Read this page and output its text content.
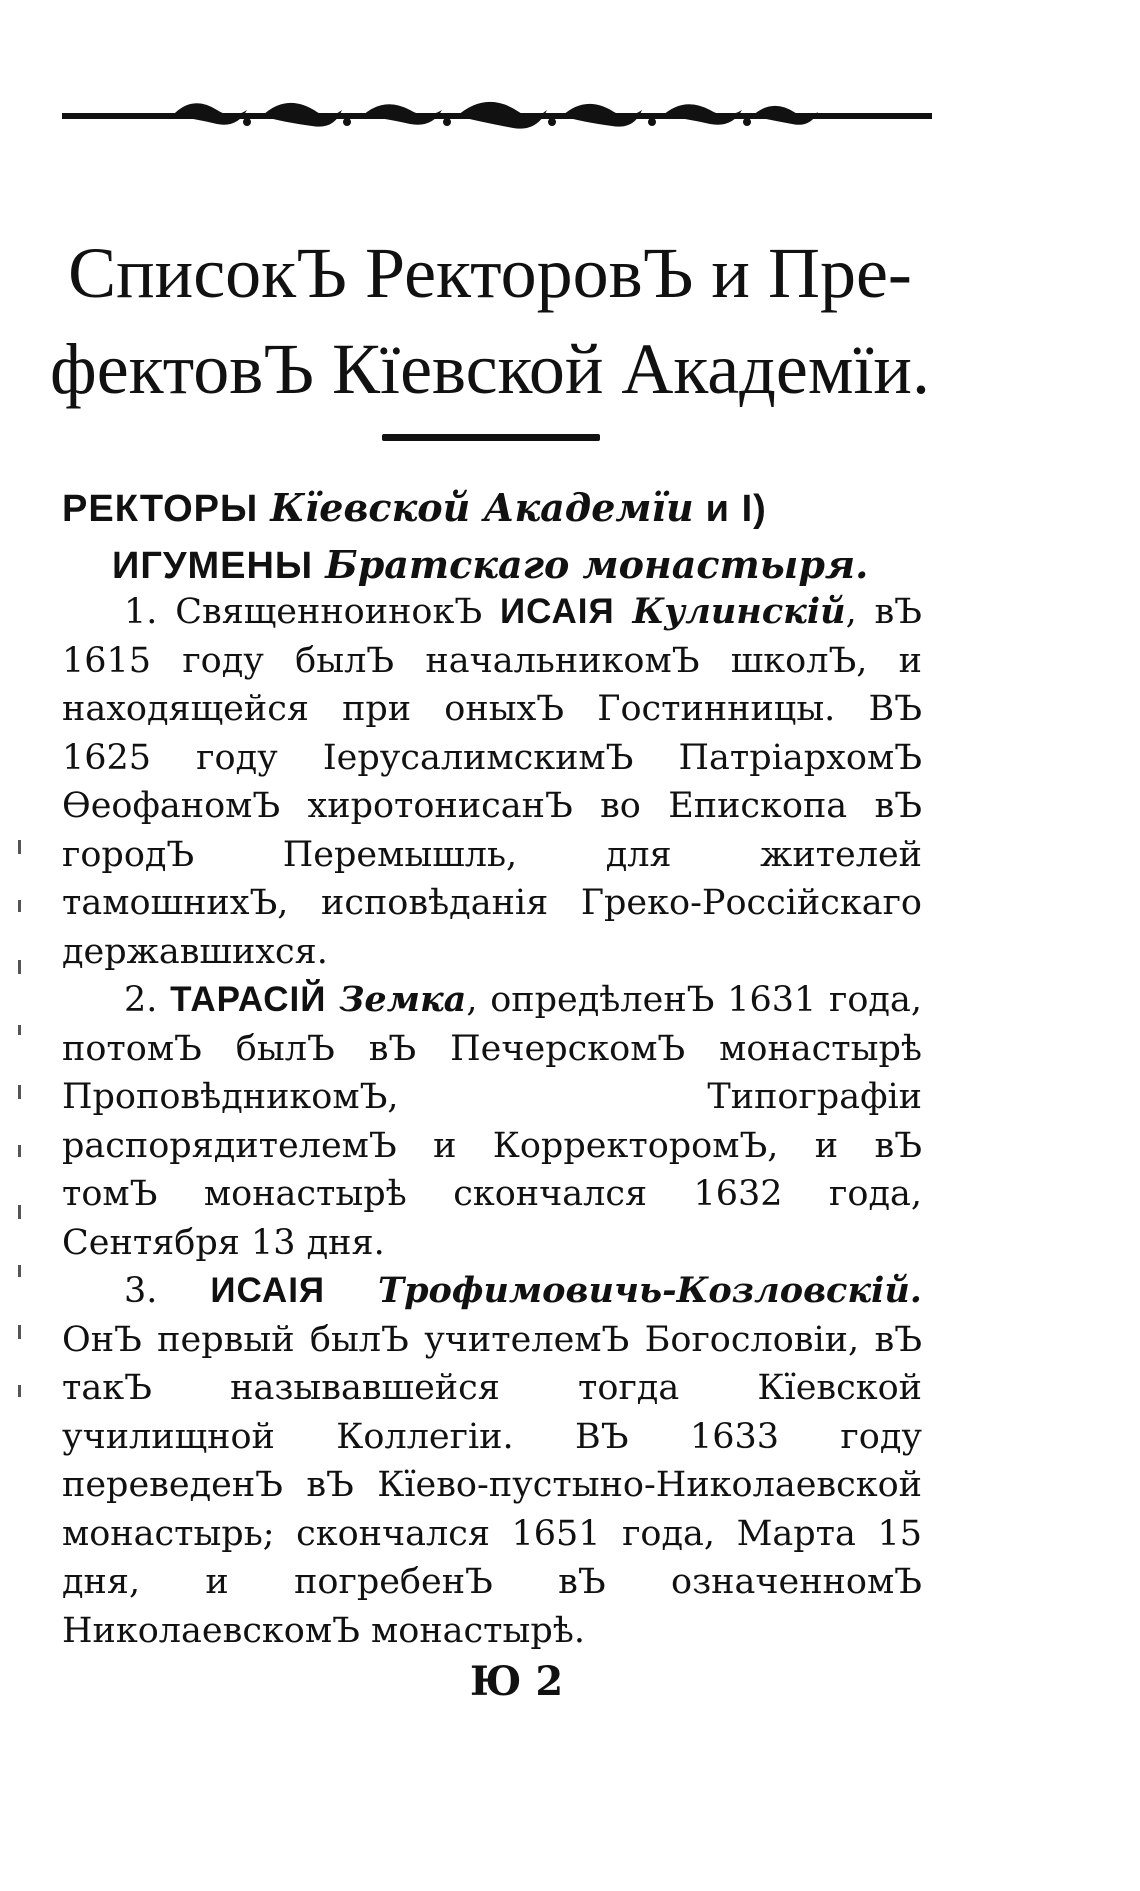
СписокЪ РекторовЪ и Пре-
фектовЪ Кїевской Академїи.
РЕКТОРЫ Кїевской Академїи и I)
ИГУМЕНЫ Братскаго монастыря.

1. СвященноинокЪ ИСАІЯ Кулинскій, вЪ 1615 году былЪ начальникомЪ школЪ, и находящейся при оныхЪ Гостинницы. ВЪ 1625 году ІерусалимскимЪ ПатріархомЪ ѲеофаномЪ хиротонисанЪ во Епископа вЪ городЪ Перемышль, для жителей тамошнихЪ, исповѣданія Греко-Россійскаго державшихся.

2. ТАРАСІЙ Земка, опредѣленЪ 1631 года, потомЪ былЪ вЪ ПечерскомЪ монастырѣ ПроповѣдникомЪ, Типографіи распорядителемЪ и КорректоромЪ, и вЪ томЪ монастырѣ скончался 1632 года, Сентября 13 дня.

3. ИСАІЯ Трофимовичь-Козловскій. ОнЪ первый былЪ учителемЪ Богословіи, вЪ такЪ называвшейся тогда Кїевской училищной Коллегіи. ВЪ 1633 году переведенЪ вЪ Кїево-пустыно-Николаевской монастырь; скончался 1651 года, Марта 15 дня, и погребенЪ вЪ означенномЪ НиколаевскомЪ монастырѣ.

Ю 2
